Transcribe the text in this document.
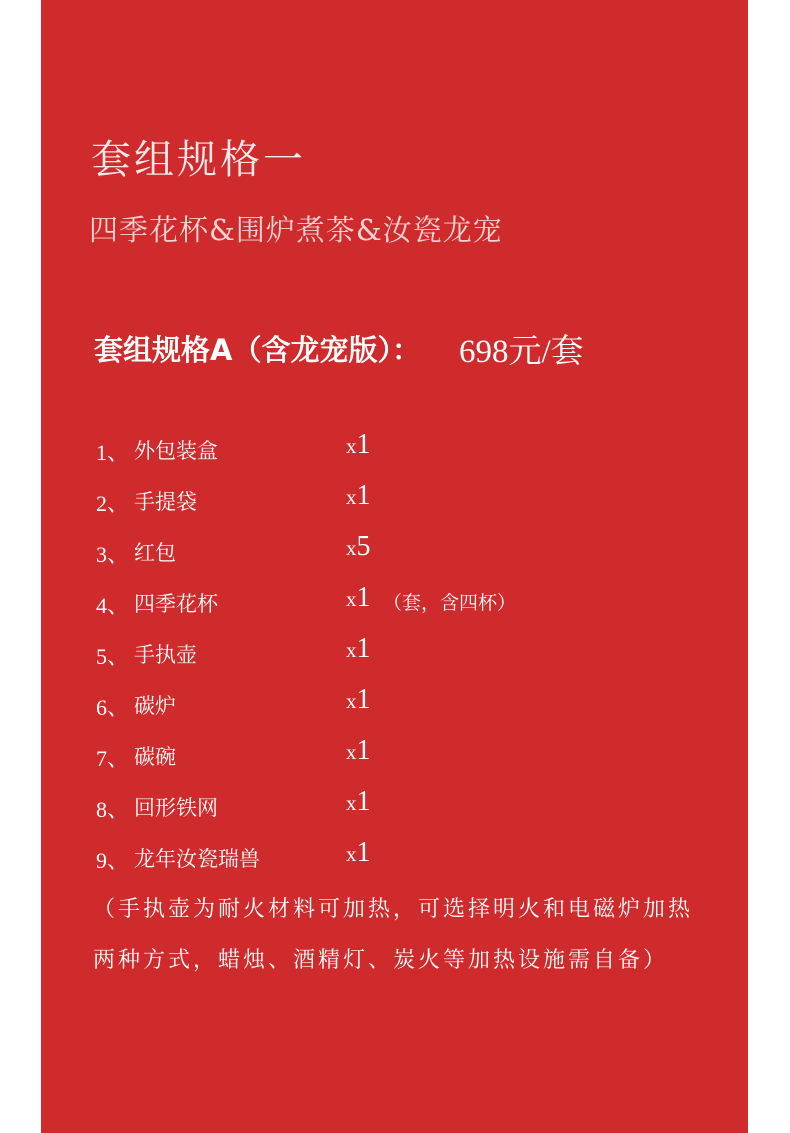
套组规格一
四季花杯&围炉煮茶&汝瓷龙宠
套组规格A（含龙宠版）： 698元/套
1、 外包装盒	x1
2、 手提袋	x1
3、 红包	x5
4、 四季花杯	x1 （套，含四杯）
5、 手执壶	x1
6、 碳炉	x1
7、 碳碗	x1
8、 回形铁网	x1
9、 龙年汝瓷瑞兽	x1

（手执壶为耐火材料可加热，可选择明火和电磁炉加热两种方式，蜡烛、酒精灯、炭火等加热设施需自备）
